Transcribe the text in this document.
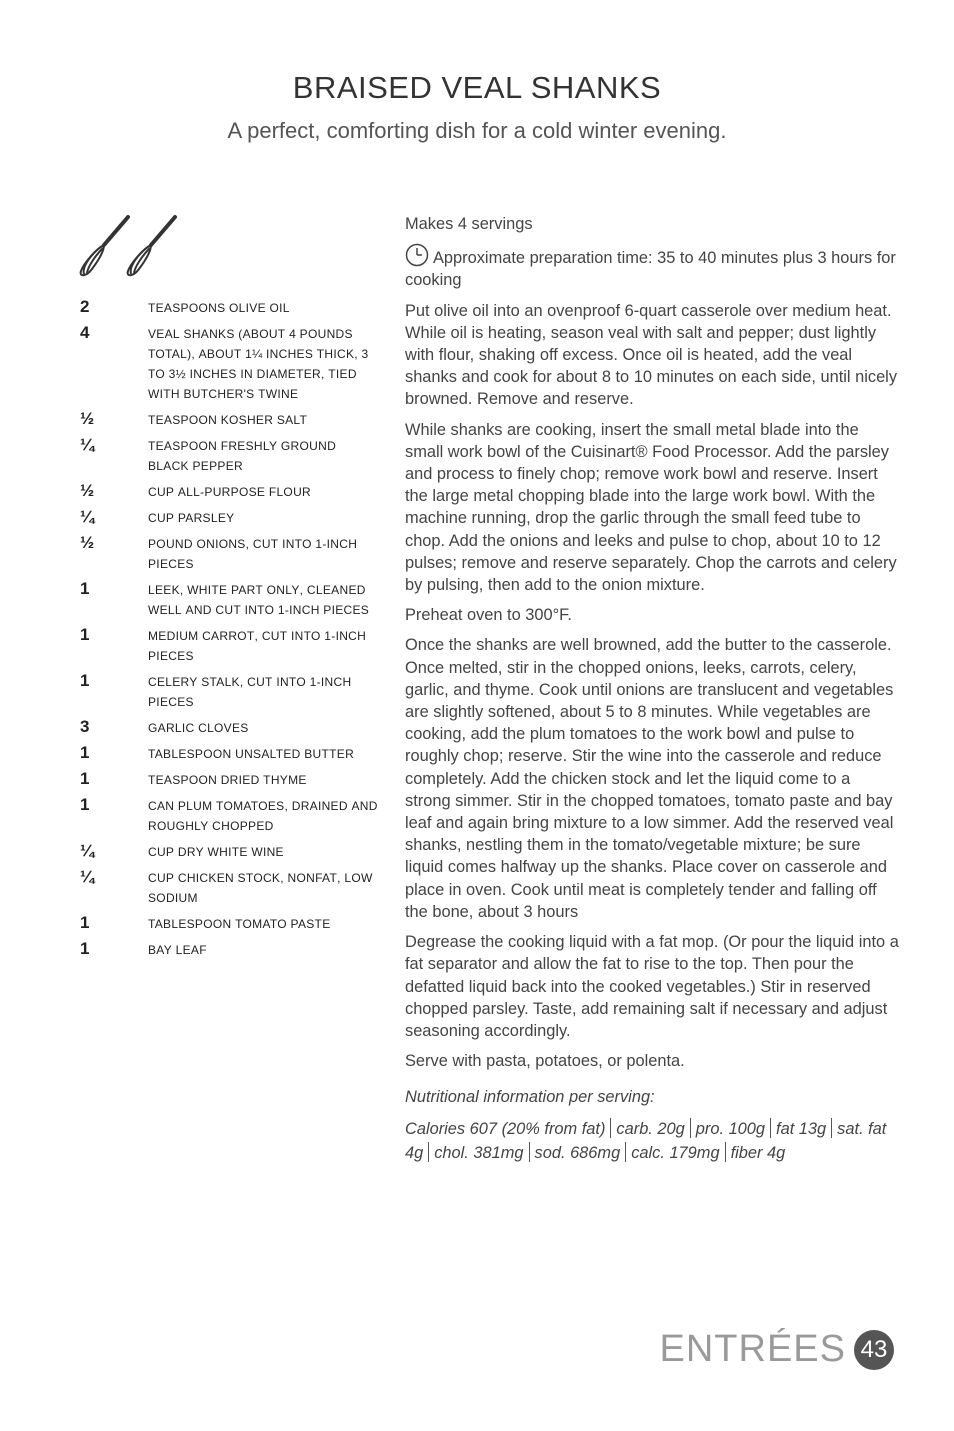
BRAISED VEAL SHANKS
A perfect, comforting dish for a cold winter evening.
2	teaspoons olive oil
4	veal shanks (about 4 pounds total), about 1¼ inches thick, 3 to 3½ inches in diameter, tied with butcher's twine
½	teaspoon kosher salt
¼	teaspoon freshly ground black pepper
½	cup all-purpose flour
¼	cup parsley
½	pound onions, cut into 1-inch pieces
1	leek, white part only, cleaned well and cut into 1-inch pieces
1	medium carrot, cut into 1-inch pieces
1	celery stalk, cut into 1-inch pieces
3	garlic cloves
1	tablespoon unsalted butter
1	teaspoon dried thyme
1	can plum tomatoes, drained and roughly chopped
¼	cup dry white wine
¼	cup chicken stock, nonfat, low sodium
1	tablespoon tomato paste
1	bay leaf

Makes 4 servings

Approximate preparation time: 35 to 40 minutes plus 3 hours for cooking

Put olive oil into an ovenproof 6-quart casserole over medium heat. While oil is heating, season veal with salt and pepper; dust lightly with flour, shaking off excess. Once oil is heated, add the veal shanks and cook for about 8 to 10 minutes on each side, until nicely browned. Remove and reserve.

While shanks are cooking, insert the small metal blade into the small work bowl of the Cuisinart® Food Processor. Add the parsley and process to finely chop; remove work bowl and reserve. Insert the large metal chopping blade into the large work bowl. With the machine running, drop the garlic through the small feed tube to chop. Add the onions and leeks and pulse to chop, about 10 to 12 pulses; remove and reserve separately. Chop the carrots and celery by pulsing, then add to the onion mixture.

Preheat oven to 300°F.

Once the shanks are well browned, add the butter to the casserole. Once melted, stir in the chopped onions, leeks, carrots, celery, garlic, and thyme. Cook until onions are translucent and vegetables are slightly softened, about 5 to 8 minutes. While vegetables are cooking, add the plum tomatoes to the work bowl and pulse to roughly chop; reserve. Stir the wine into the casserole and reduce completely. Add the chicken stock and let the liquid come to a strong simmer. Stir in the chopped tomatoes, tomato paste and bay leaf and again bring mixture to a low simmer. Add the reserved veal shanks, nestling them in the tomato/vegetable mixture; be sure liquid comes halfway up the shanks. Place cover on casserole and place in oven. Cook until meat is completely tender and falling off the bone, about 3 hours

Degrease the cooking liquid with a fat mop. (Or pour the liquid into a fat separator and allow the fat to rise to the top. Then pour the defatted liquid back into the cooked vegetables.) Stir in reserved chopped parsley. Taste, add remaining salt if necessary and adjust seasoning accordingly.

Serve with pasta, potatoes, or polenta.

Nutritional information per serving:

Calories 607 (20% from fat) carb. 20g pro. 100g fat 13g sat. fat 4g chol. 381mg sod. 686mg calc. 179mg fiber 4g

ENTRÉES 43
